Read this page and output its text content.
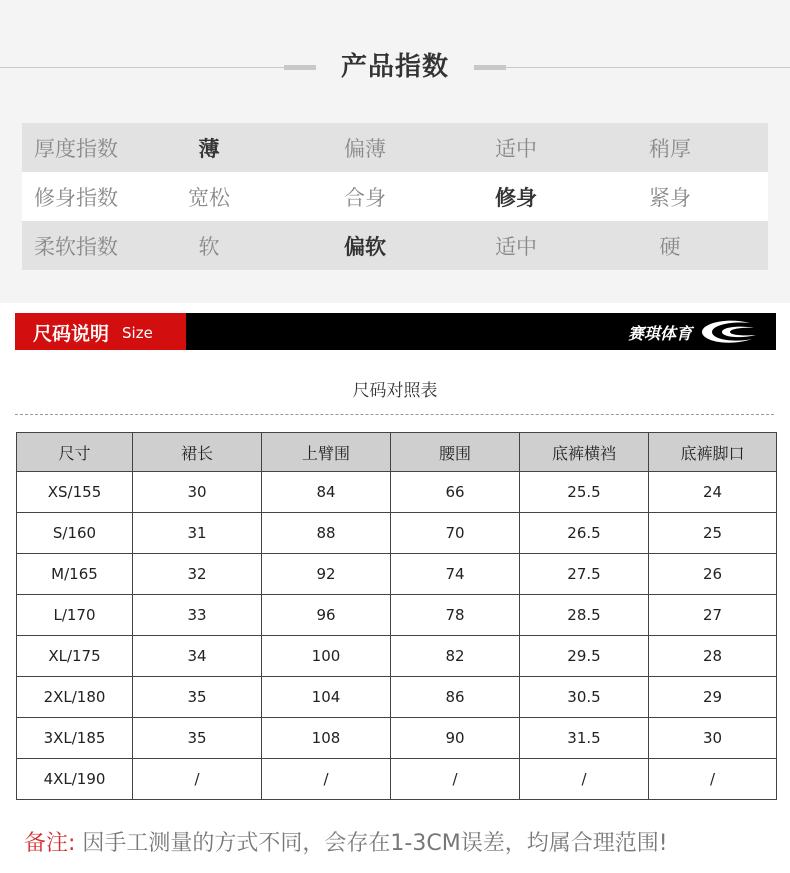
产品指数
厚度指数	薄	偏薄	适中	稍厚
修身指数	宽松	合身	修身	紧身
柔软指数	软	偏软	适中	硬
尺码说明 Size	赛琪体育
尺码对照表
尺寸	裙长	上臂围	腰围	底裤横裆	底裤脚口
XS/155	30	84	66	25.5	24
S/160	31	88	70	26.5	25
M/165	32	92	74	27.5	26
L/170	33	96	78	28.5	27
XL/175	34	100	82	29.5	28
2XL/180	35	104	86	30.5	29
3XL/185	35	108	90	31.5	30
4XL/190	/	/	/	/	/
备注: 因手工测量的方式不同，会存在1-3CM误差，均属合理范围!
